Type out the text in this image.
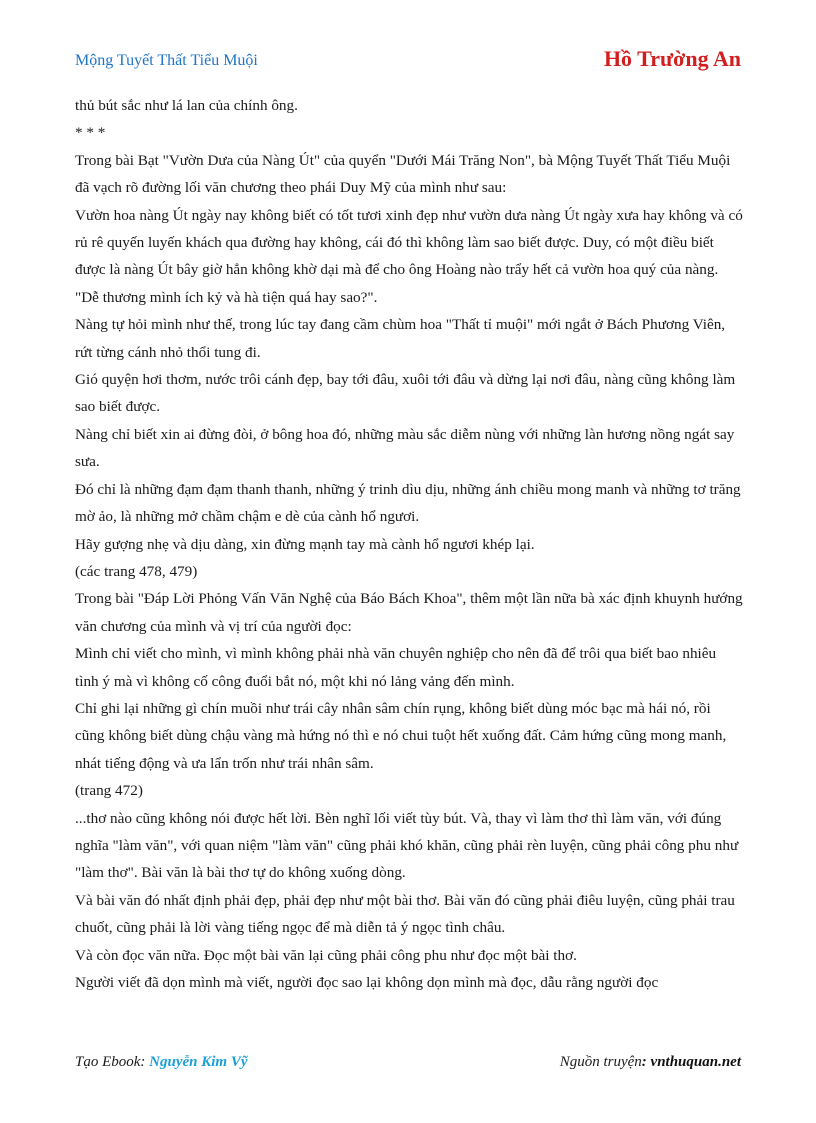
Mộng Tuyết Thất Tiểu Muội	Hồ Trường An

thủ bút sắc như lá lan của chính ông.

* * *

Trong bài Bạt "Vườn Dưa của Nàng Út" của quyển "Dưới Mái Trăng Non", bà Mộng Tuyết Thất Tiểu Muội đã vạch rõ đường lối văn chương theo phái Duy Mỹ của mình như sau:

Vườn hoa nàng Út ngày nay không biết có tốt tươi xinh đẹp như vườn dưa nàng Út ngày xưa hay không và có rủ rê quyến luyến khách qua đường hay không, cái đó thì không làm sao biết được. Duy, có một điều biết được là nàng Út bây giờ hẳn không khờ dại mà để cho ông Hoàng nào trẩy hết cả vườn hoa quý của nàng.

"Dễ thương mình ích kỷ và hà tiện quá hay sao?".

Nàng tự hỏi mình như thế, trong lúc tay đang cầm chùm hoa "Thất tỉ muội" mới ngắt ở Bách Phương Viên, rứt từng cánh nhỏ thổi tung đi.

Gió quyện hơi thơm, nước trôi cánh đẹp, bay tới đâu, xuôi tới đâu và dừng lại nơi đâu, nàng cũng không làm sao biết được.

Nàng chỉ biết xin ai đừng đòi, ở bông hoa đó, những màu sắc diễm nùng với những làn hương nồng ngát say sưa.

Đó chỉ là những đạm đạm thanh thanh, những ý trinh dìu dịu, những ánh chiều mong manh và những tơ trăng mờ ảo, là những mở chầm chậm e dè của cành hổ ngươi.

Hãy gượng nhẹ và dịu dàng, xin đừng mạnh tay mà cành hổ ngươi khép lại.

(các trang 478, 479)

Trong bài "Đáp Lời Phỏng Vấn Văn Nghệ của Báo Bách Khoa", thêm một lần nữa bà xác định khuynh hướng văn chương của mình và vị trí của người đọc:

Mình chỉ viết cho mình, vì mình không phải nhà văn chuyên nghiệp cho nên đã để trôi qua biết bao nhiêu tình ý mà vì không cố công đuổi bắt nó, một khi nó lảng vảng đến mình.

Chỉ ghi lại những gì chín muồi như trái cây nhân sâm chín rụng, không biết dùng móc bạc mà hái nó, rồi cũng không biết dùng chậu vàng mà hứng nó thì e nó chui tuột hết xuống đất. Cảm hứng cũng mong manh, nhát tiếng động và ưa lẩn trốn như trái nhân sâm.

(trang 472)

...thơ nào cũng không nói được hết lời. Bèn nghĩ lối viết tùy bút. Và, thay vì làm thơ thì làm văn, với đúng nghĩa "làm văn", với quan niệm "làm văn" cũng phải khó khăn, cũng phải rèn luyện, cũng phải công phu như "làm thơ". Bài văn là bài thơ tự do không xuống dòng.

Và bài văn đó nhất định phải đẹp, phải đẹp như một bài thơ. Bài văn đó cũng phải điêu luyện, cũng phải trau chuốt, cũng phải là lời vàng tiếng ngọc để mà diễn tả ý ngọc tình châu.

Và còn đọc văn nữa. Đọc một bài văn lại cũng phải công phu như đọc một bài thơ.

Người viết đã dọn mình mà viết, người đọc sao lại không dọn mình mà đọc, dẫu rằng người đọc

Tạo Ebook: Nguyễn Kim Vỹ	Nguồn truyện: vnthuquan.net
